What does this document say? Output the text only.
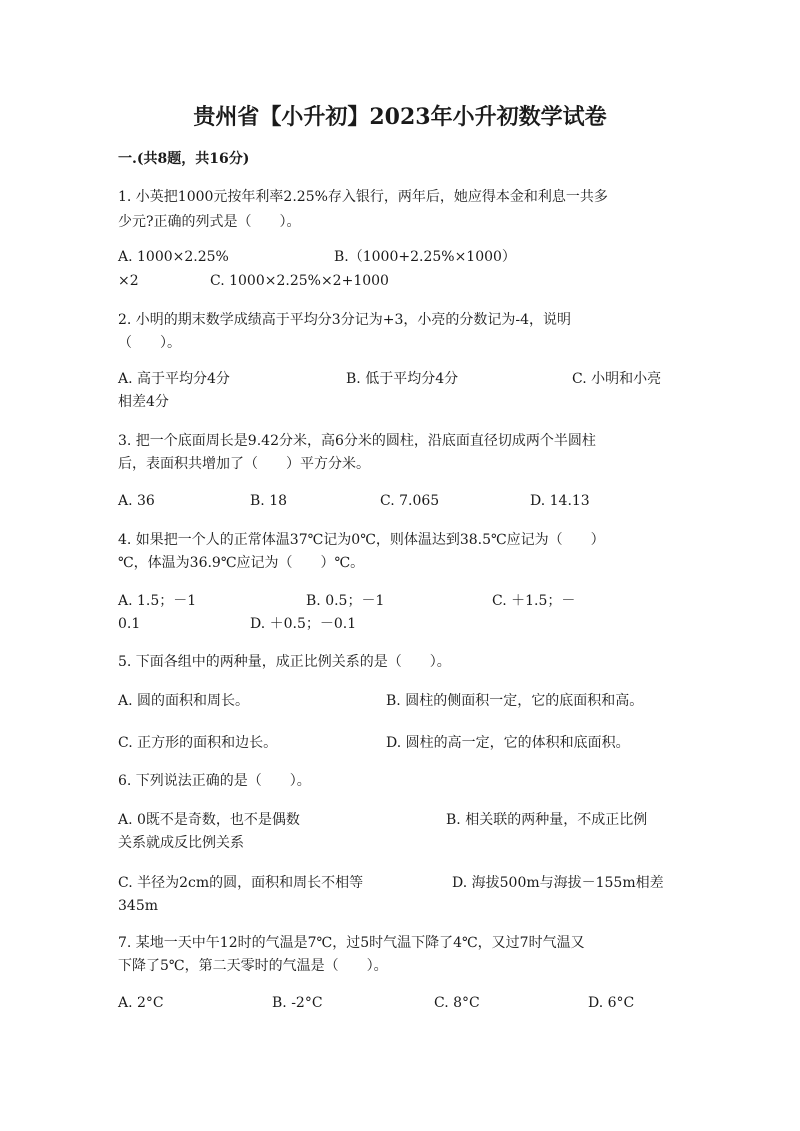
贵州省【小升初】2023年小升初数学试卷
一.(共8题，共16分)
1. 小英把1000元按年利率2.25%存入银行，两年后，她应得本金和利息一共多
少元?正确的列式是（　　）。
A. 1000×2.25%	B.（1000+2.25%×1000）
×2	C. 1000×2.25%×2+1000
2. 小明的期末数学成绩高于平均分3分记为+3，小亮的分数记为-4，说明
（　　）。
A. 高于平均分4分	B. 低于平均分4分	C. 小明和小亮
相差4分
3. 把一个底面周长是9.42分米，高6分米的圆柱，沿底面直径切成两个半圆柱
后，表面积共增加了（　　）平方分米。
A. 36	B. 18	C. 7.065	D. 14.13
4. 如果把一个人的正常体温37℃记为0℃，则体温达到38.5℃应记为（　　）
℃，体温为36.9℃应记为（　　）℃。
A. 1.5；－1	B. 0.5；－1	C. ＋1.5；－
0.1	D. ＋0.5；－0.1
5. 下面各组中的两种量，成正比例关系的是（　　）。
A. 圆的面积和周长。	B. 圆柱的侧面积一定，它的底面积和高。
C. 正方形的面积和边长。	D. 圆柱的高一定，它的体积和底面积。
6. 下列说法正确的是（　　）。
A. 0既不是奇数，也不是偶数	B. 相关联的两种量，不成正比例
关系就成反比例关系
C. 半径为2cm的圆，面积和周长不相等	D. 海拔500m与海拔－155m相差
345m
7. 某地一天中午12时的气温是7℃，过5时气温下降了4℃，又过7时气温又
下降了5℃，第二天零时的气温是（　　）。
A. 2°C	B. -2°C	C. 8°C	D. 6°C
